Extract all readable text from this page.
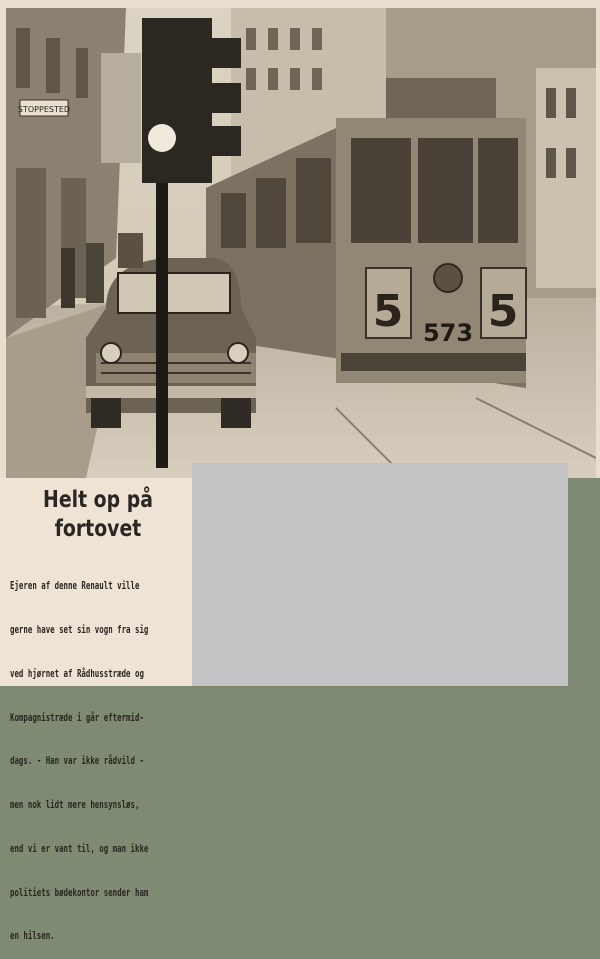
STOPPESTED
5 5
573
Helt op på
fortovet

Ejeren af denne Renault ville

gerne have set sin vogn fra sig

ved hjørnet af Rådhusstræde og

Kompagnistræde i går eftermid-

dags. - Han var ikke rådvild -

men nok lidt mere hensynsløs,

end vi er vant til, og man ikke

politiets bødekontor sender ham

en hilsen.
